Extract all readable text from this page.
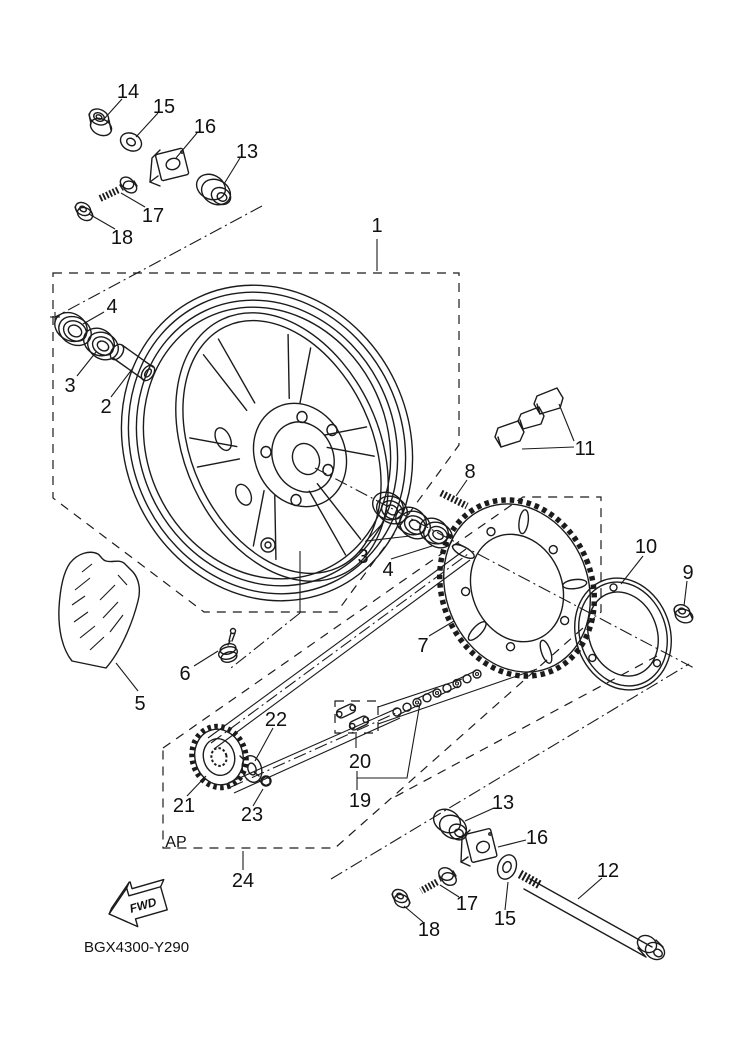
14
15
16
13
17
18
1
4
3
2
3
4
8
5
6
7
11
10
9
22
20
19
21 23
24
13
16
12
17
15
18
AP
FWD
BGX4300-Y290
